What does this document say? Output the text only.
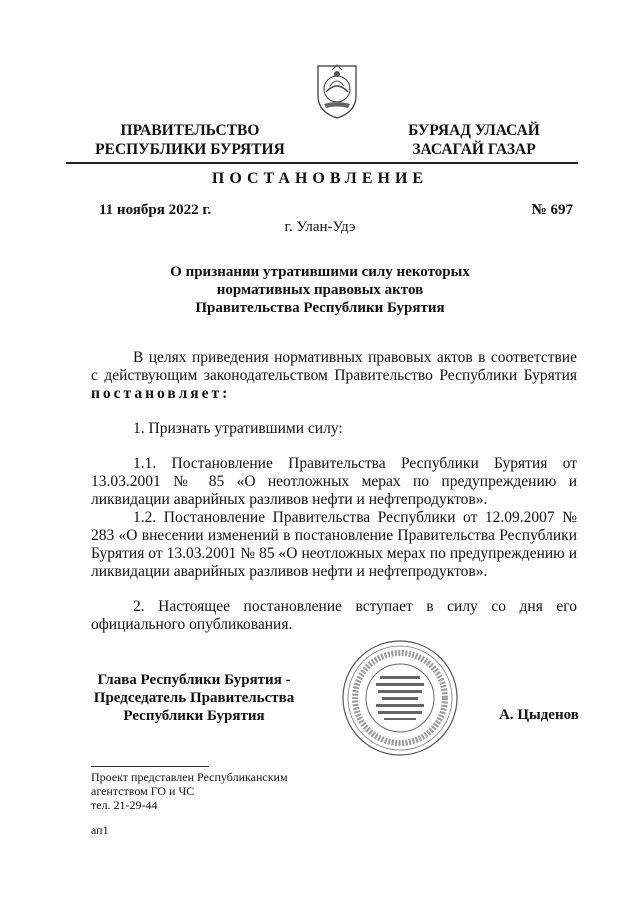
ПРАВИТЕЛЬСТВО
РЕСПУБЛИКИ БУРЯТИЯ
БУРЯАД УЛАСАЙ
ЗАСАГАЙ ГАЗАР
ПОСТАНОВЛЕНИЕ
11 ноября 2022 г.	№ 697
г. Улан-Удэ
О признании утратившими силу некоторых
нормативных правовых актов
Правительства Республики Бурятия

В целях приведения нормативных правовых актов в соответствие с действующим законодательством Правительство Республики Бурятия постановляет:

1. Признать утратившими силу:

1.1. Постановление Правительства Республики Бурятия от 13.03.2001 № 85 «О неотложных мерах по предупреждению и ликвидации аварийных разливов нефти и нефтепродуктов».

1.2. Постановление Правительства Республики от 12.09.2007 № 283 «О внесении изменений в постановление Правительства Республики Бурятия от 13.03.2001 № 85 «О неотложных мерах по предупреждению и ликвидации аварийных разливов нефти и нефтепродуктов».

2. Настоящее постановление вступает в силу со дня его официального опубликования.

Глава Республики Бурятия -
Председатель Правительства
Республики Бурятия	А. Цыденов
Проект представлен Республиканским
агентством ГО и ЧС
тел. 21-29-44
ап1
